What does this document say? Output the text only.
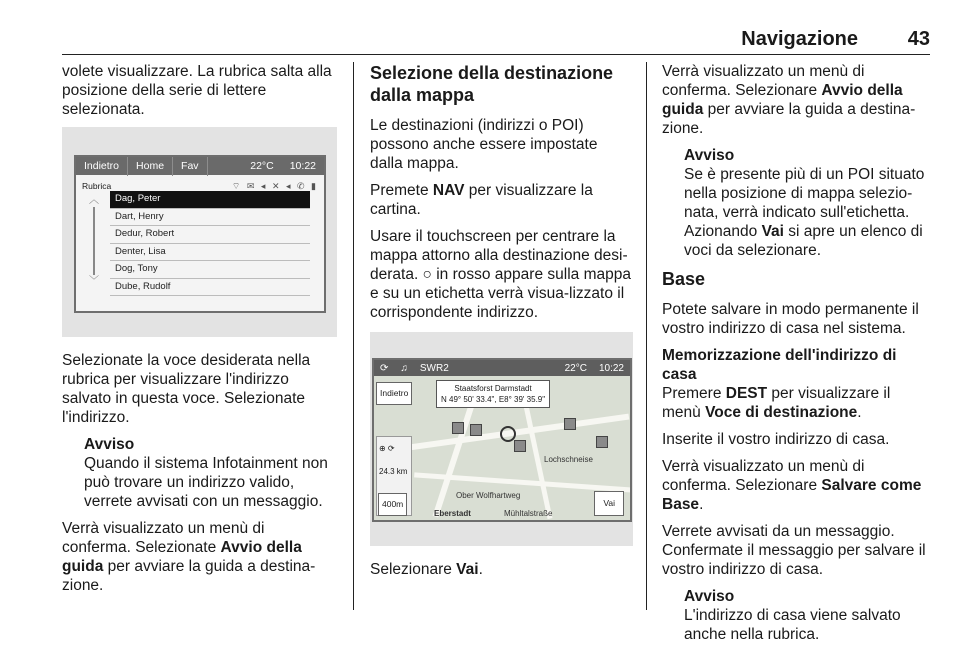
Navigazione 43

volete visualizzare. La rubrica salta alla posizione della serie di lettere selezionata.

Indietro	Home	Fav	22°C	10:22
Rubrica	⌔ ✉ ◂ ✕ ◂ ✆ ▮
︿
﹀
Dag, Peter
Dart, Henry
Dedur, Robert
Denter, Lisa
Dog, Tony
Dube, Rudolf

Selezionate la voce desiderata nella rubrica per visualizzare l'indirizzo salvato in questa voce. Selezionate l'indirizzo.

Avviso
Quando il sistema Infotainment non può trovare un indirizzo valido, verrete avvisati con un messaggio.

Verrà visualizzato un menù di conferma. Selezionate Avvio della guida per avviare la guida a destina-zione.

Selezione della destinazione dalla mappa

Le destinazioni (indirizzi o POI) possono anche essere impostate dalla mappa.

Premete NAV per visualizzare la cartina.

Usare il touchscreen per centrare la mappa attorno alla destinazione desi-derata. ○ in rosso appare sulla mappa e su un etichetta verrà visua-lizzato il corrispondente indirizzo.

⟳	♫	SWR2	22°C	10:22
Indietro	Staatsforst Darmstadt
N 49° 50' 33.4", E8° 39' 35.9"
⊕ ⟳
24.3 km
Lochschneise
Ober Wolfhartweg
Eberstadt	Mühltalstraße
400m	Vai

Selezionare Vai.

Verrà visualizzato un menù di conferma. Selezionare Avvio della guida per avviare la guida a destina-zione.

Avviso
Se è presente più di un POI situato nella posizione di mappa selezio-nata, verrà indicato sull'etichetta. Azionando Vai si apre un elenco di voci da selezionare.
Base

Potete salvare in modo permanente il vostro indirizzo di casa nel sistema.

Memorizzazione dell'indirizzo di casa

Premere DEST per visualizzare il menù Voce di destinazione.

Inserite il vostro indirizzo di casa.

Verrà visualizzato un menù di conferma. Selezionare Salvare come Base.

Verrete avvisati da un messaggio. Confermate il messaggio per salvare il vostro indirizzo di casa.

Avviso
L'indirizzo di casa viene salvato anche nella rubrica.
